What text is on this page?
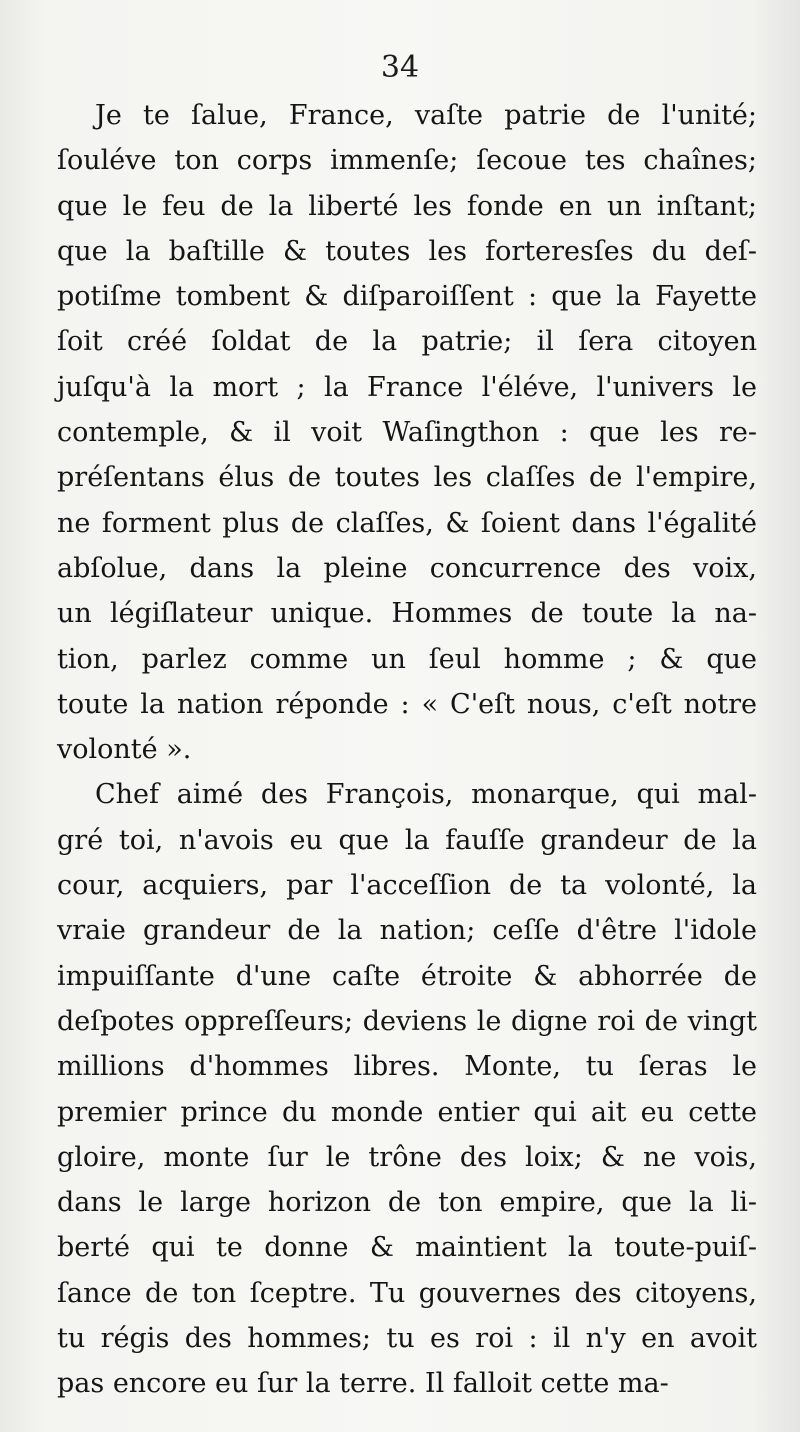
34
Je te ſalue, France, vaſte patrie de l'unité;
ſouléve ton corps immenſe; ſecoue tes chaînes;
que le feu de la liberté les fonde en un inſtant;
que la baſtille & toutes les forteresſes du deſ-
potiſme tombent & diſparoiſſent : que la Fayette
ſoit créé ſoldat de la patrie; il ſera citoyen
juſqu'à la mort ; la France l'éléve, l'univers le
contemple, & il voit Waſingthon : que les re-
préſentans élus de toutes les claſſes de l'empire,
ne forment plus de claſſes, & ſoient dans l'égalité
abſolue, dans la pleine concurrence des voix,
un légiſlateur unique. Hommes de toute la na-
tion, parlez comme un ſeul homme ; & que
toute la nation réponde : « C'eſt nous, c'eſt notre
volonté ».
Chef aimé des François, monarque, qui mal-
gré toi, n'avois eu que la fauſſe grandeur de la
cour, acquiers, par l'acceſſion de ta volonté, la
vraie grandeur de la nation; ceſſe d'être l'idole
impuiſſante d'une caſte étroite & abhorrée de
deſpotes oppreſſeurs; deviens le digne roi de vingt
millions d'hommes libres. Monte, tu ſeras le
premier prince du monde entier qui ait eu cette
gloire, monte ſur le trône des loix; & ne vois,
dans le large horizon de ton empire, que la li-
berté qui te donne & maintient la toute-puiſ-
ſance de ton ſceptre. Tu gouvernes des citoyens,
tu régis des hommes; tu es roi : il n'y en avoit
pas encore eu ſur la terre. Il falloit cette ma-
